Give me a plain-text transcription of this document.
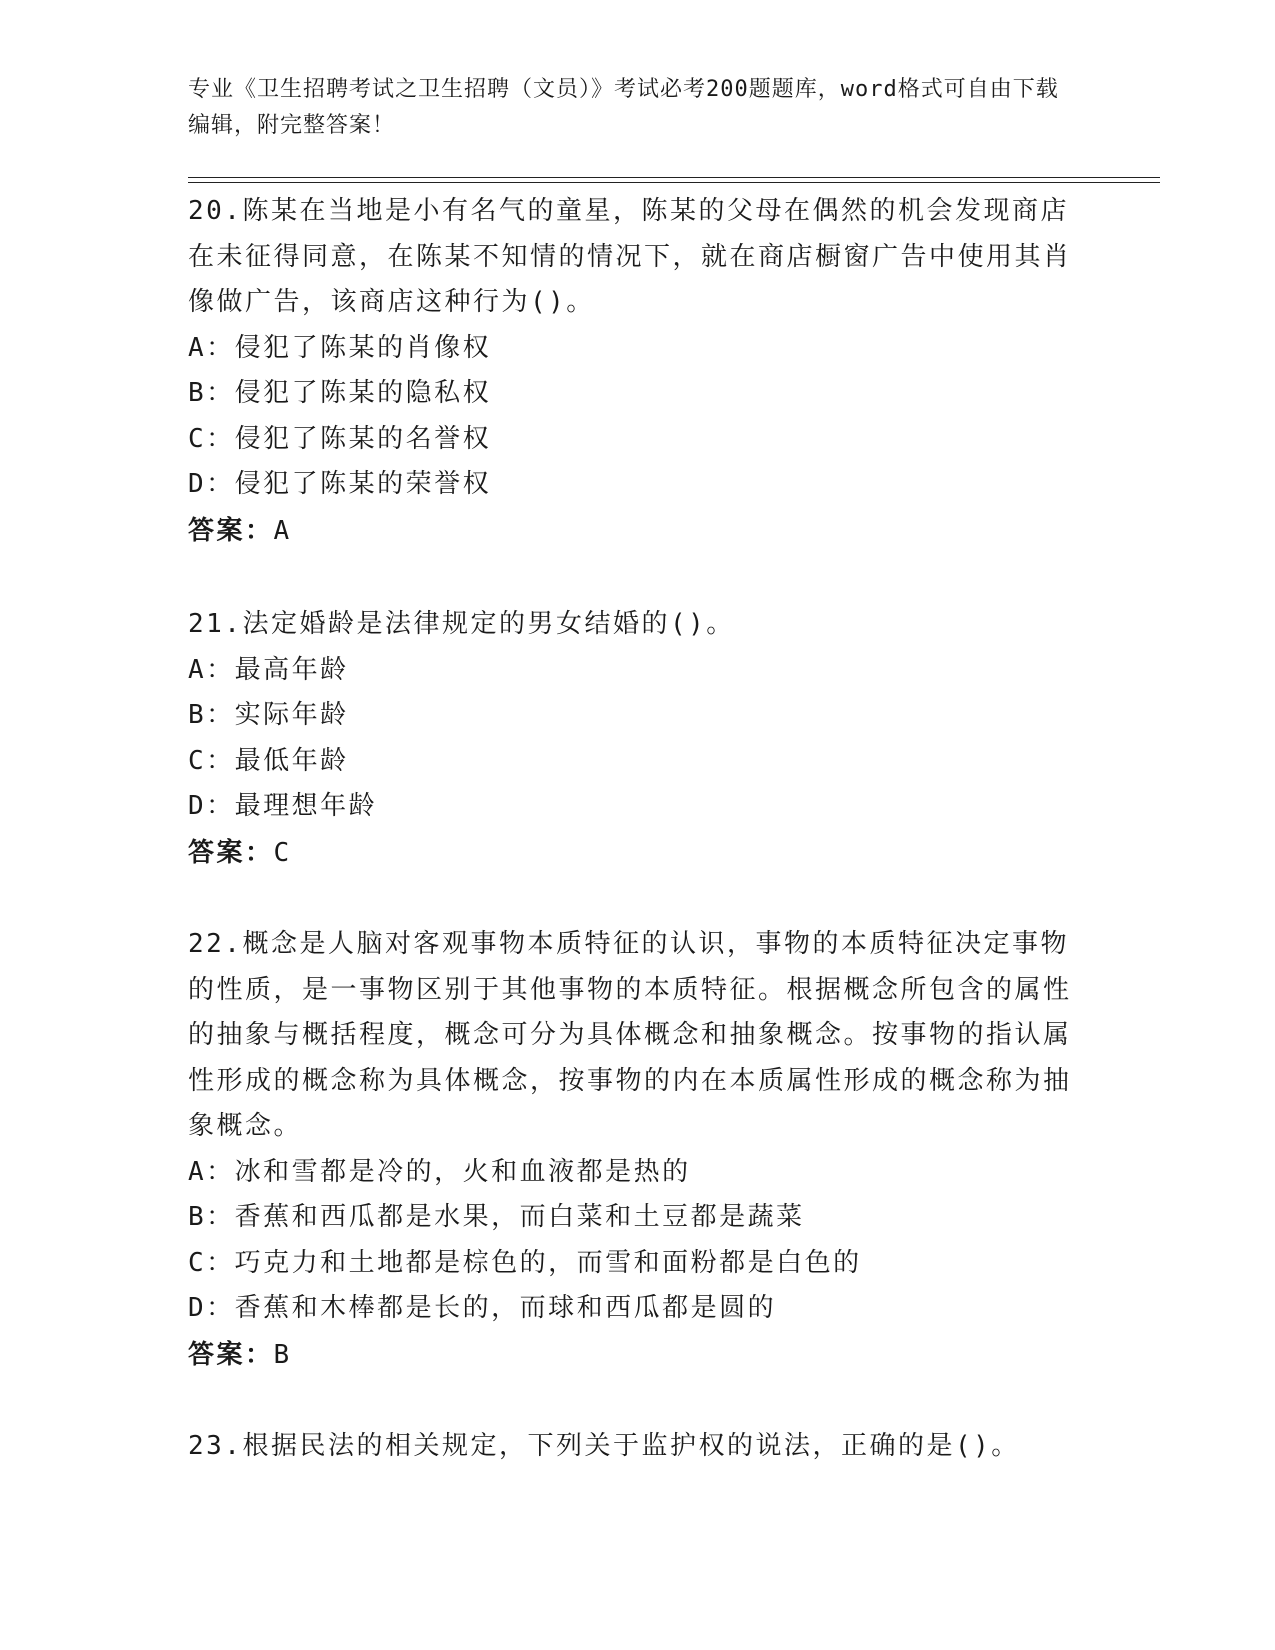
专业《卫生招聘考试之卫生招聘（文员）》考试必考200题题库，word格式可自由下载编辑，附完整答案！
20.陈某在当地是小有名气的童星，陈某的父母在偶然的机会发现商店在未征得同意，在陈某不知情的情况下，就在商店橱窗广告中使用其肖像做广告，该商店这种行为()。
A：侵犯了陈某的肖像权
B：侵犯了陈某的隐私权
C：侵犯了陈某的名誉权
D：侵犯了陈某的荣誉权
答案：A
21.法定婚龄是法律规定的男女结婚的()。
A：最高年龄
B：实际年龄
C：最低年龄
D：最理想年龄
答案：C
22.概念是人脑对客观事物本质特征的认识，事物的本质特征决定事物的性质，是一事物区别于其他事物的本质特征。根据概念所包含的属性的抽象与概括程度，概念可分为具体概念和抽象概念。按事物的指认属性形成的概念称为具体概念，按事物的内在本质属性形成的概念称为抽象概念。
A：冰和雪都是冷的，火和血液都是热的
B：香蕉和西瓜都是水果，而白菜和土豆都是蔬菜
C：巧克力和土地都是棕色的，而雪和面粉都是白色的
D：香蕉和木棒都是长的，而球和西瓜都是圆的
答案：B
23.根据民法的相关规定，下列关于监护权的说法，正确的是()。
